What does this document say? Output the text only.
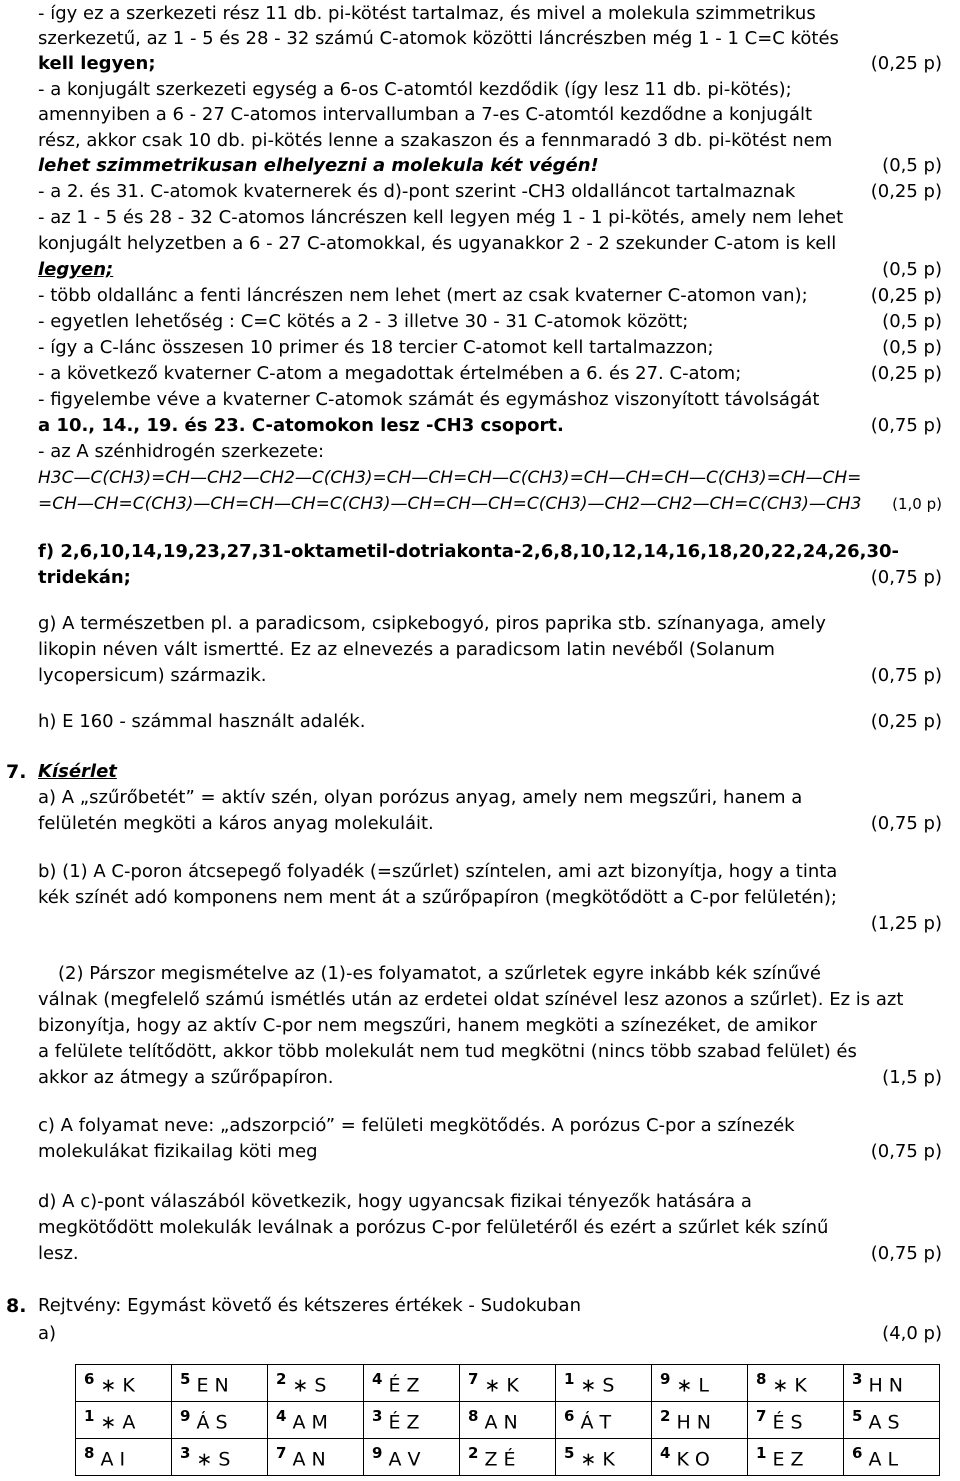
- így ez a szerkezeti rész 11 db. pi-kötést tartalmaz, és mivel a molekula szimmetrikus
szerkezetű, az 1 - 5 és 28 - 32 számú C-atomok közötti láncrészben még 1 - 1 C=C kötés
kell legyen;	(0,25 p)
- a konjugált szerkezeti egység a 6-os C-atomtól kezdődik (így lesz 11 db. pi-kötés);
amennyiben a 6 - 27 C-atomos intervallumban a 7-es C-atomtól kezdődne a konjugált
rész, akkor csak 10 db. pi-kötés lenne a szakaszon és a fennmaradó 3 db. pi-kötést nem
lehet szimmetrikusan elhelyezni a molekula két végén!	(0,5 p)
- a 2. és 31. C-atomok kvaternerek és d)-pont szerint -CH3 oldalláncot tartalmaznak	(0,25 p)
- az 1 - 5 és 28 - 32 C-atomos láncrészen kell legyen még 1 - 1 pi-kötés, amely nem lehet
konjugált helyzetben a 6 - 27 C-atomokkal, és ugyanakkor 2 - 2 szekunder C-atom is kell
legyen;	(0,5 p)
- több oldallánc a fenti láncrészen nem lehet (mert az csak kvaterner C-atomon van);	(0,25 p)
- egyetlen lehetőség : C=C kötés a 2 - 3 illetve 30 - 31 C-atomok között;	(0,5 p)
- így a C-lánc összesen 10 primer és 18 tercier C-atomot kell tartalmazzon;	(0,5 p)
- a következő kvaterner C-atom a megadottak értelmében a 6. és 27. C-atom;	(0,25 p)
- figyelembe véve a kvaterner C-atomok számát és egymáshoz viszonyított távolságát
a 10., 14., 19. és 23. C-atomokon lesz -CH3 csoport.	(0,75 p)
- az A szénhidrogén szerkezete:
H3C—C(CH3)=CH—CH2—CH2—C(CH3)=CH—CH=CH—C(CH3)=CH—CH=CH—C(CH3)=CH—CH=
=CH—CH=C(CH3)—CH=CH—CH=C(CH3)—CH=CH—CH=C(CH3)—CH2—CH2—CH=C(CH3)—CH3	(1,0 p)
f) 2,6,10,14,19,23,27,31-oktametil-dotriakonta-2,6,8,10,12,14,16,18,20,22,24,26,30-
tridekán;	(0,75 p)
g) A természetben pl. a paradicsom, csipkebogyó, piros paprika stb. színanyaga, amely
likopin néven vált ismertté. Ez az elnevezés a paradicsom latin nevéből (Solanum
lycopersicum) származik.	(0,75 p)
h) E 160 - számmal használt adalék.	(0,25 p)
7. Kísérlet
a) A „szűrőbetét” = aktív szén, olyan porózus anyag, amely nem megszűri, hanem a
felületén megköti a káros anyag molekuláit.	(0,75 p)
b) (1) A C-poron átcsepegő folyadék (=szűrlet) színtelen, ami azt bizonyítja, hogy a tinta
kék színét adó komponens nem ment át a szűrőpapíron (megkötődött a C-por felületén);
(1,25 p)
(2) Párszor megismételve az (1)-es folyamatot, a szűrletek egyre inkább kék színűvé
válnak (megfelelő számú ismétlés után az erdetei oldat színével lesz azonos a szűrlet). Ez is azt
bizonyítja, hogy az aktív C-por nem megszűri, hanem megköti a színezéket, de amikor
a felülete telítődött, akkor több molekulát nem tud megkötni (nincs több szabad felület) és
akkor az átmegy a szűrőpapíron.	(1,5 p)
c) A folyamat neve: „adszorpció” = felületi megkötődés. A porózus C-por a színezék
molekulákat fizikailag köti meg	(0,75 p)
d) A c)-pont válaszából következik, hogy ugyancsak fizikai tényezők hatására a
megkötődött molekulák leválnak a porózus C-por felületéről és ezért a szűrlet kék színű
lesz.	(0,75 p)
8. Rejtvény: Egymást követő és kétszeres értékek - Sudokuban
a)	(4,0 p)
$^6$ ∗ K	$^5$ E N	$^2$ ∗ S	$^4$ É Z	$^7$ ∗ K	$^1$ ∗ S	$^9$ ∗ L	$^8$ ∗ K	$^3$ H N
$^1$ ∗ A	$^9$ Á S	$^4$ A M	$^3$ É Z	$^8$ A N	$^6$ Á T	$^2$ H N	$^7$ É S	$^5$ A S
$^8$ A I	$^3$ ∗ S	$^7$ A N	$^9$ A V	$^2$ Z É	$^5$ ∗ K	$^4$ K O	$^1$ E Z	$^6$ A L
